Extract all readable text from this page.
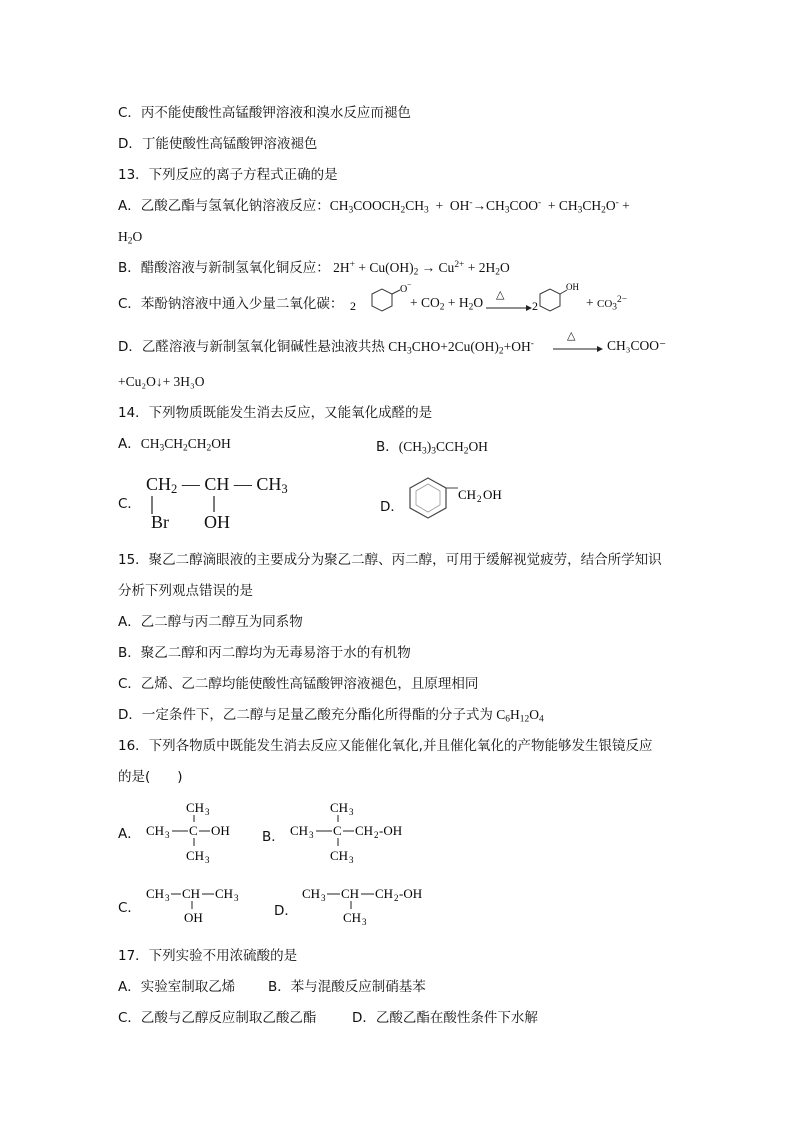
C．丙不能使酸性高锰酸钾溶液和溴水反应而褪色
D．丁能使酸性高锰酸钾溶液褪色
13．下列反应的离子方程式正确的是
A．乙酸乙酯与氢氧化钠溶液反应：$CH_3COOCH_2CH_3 + OH^-\to CH_3COO^- + CH_3CH_2O^-$ +
$H_2O$
B．醋酸溶液与新制氢氧化铜反应： $2H^+ + Cu(OH)_2 \to Cu^{2+} + 2H_2O$
C．苯酚钠溶液中通入少量二氧化碳： 2
O −
+ $CO_2 + H_2O$
△
2
OH
+ $CO_3^{2-}$
D．乙醛溶液与新制氢氧化铜碱性悬浊液共热 $CH_3CHO+2Cu(OH)_2+OH^-$
△
CH₃COO⁻
+Cu₂O↓+ 3H₃O
14．下列物质既能发生消去反应，又能氧化成醛的是
A．$CH_3CH_2CH_2OH$	B．$(CH_3)_3CCH_2OH$
C．
$CH_2$ — CH — $CH_3$
Br OH
D．
CH 2 OH
15．聚乙二醇滴眼液的主要成分为聚乙二醇、丙二醇，可用于缓解视觉疲劳，结合所学知识
分析下列观点错误的是
A．乙二醇与丙二醇互为同系物
B．聚乙二醇和丙二醇均为无毒易溶于水的有机物
C．乙烯、乙二醇均能使酸性高锰酸钾溶液褪色，且原理相同
D．一定条件下，乙二醇与足量乙酸充分酯化所得酯的分子式为 $C_6H_{12}O_4$
16．下列各物质中既能发生消去反应又能催化氧化,并且催化氧化的产物能够发生银镜反应
的是(　　)
A．
CH 3
CH 3 C OH
CH 3
B．
CH 3
CH 3 C CH 2 -OH
CH 3
C．
CH 3 CH CH 3
OH	D．
CH 3 CH CH 2 -OH
CH 3
17．下列实验不用浓硫酸的是
A．实验室制取乙烯 B．苯与混酸反应制硝基苯
C．乙酸与乙醇反应制取乙酸乙酯	D．乙酸乙酯在酸性条件下水解
